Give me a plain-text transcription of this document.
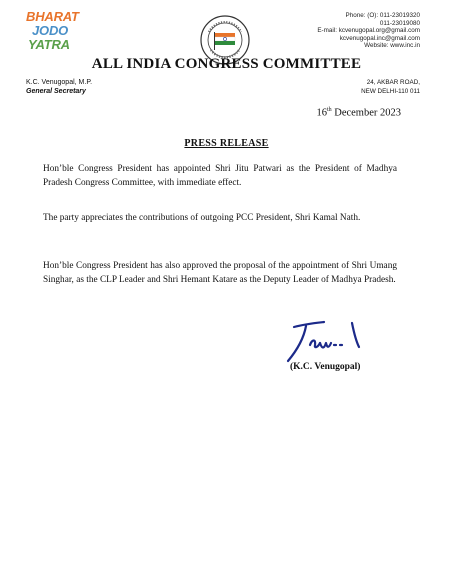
BHARAT
JODO
YATRA
Phone: (O): 011-23019320
011-23019080
E-mail: kcvenugopal.org@gmail.com
kcvenugopal.inc@gmail.com
Website: www.inc.in
ALL INDIA CONGRESS COMMITTEE
K.C. Venugopal, M.P.
General Secretary
24, AKBAR ROAD,
NEW DELHI-110 011
16th December 2023
PRESS RELEASE
Hon’ble Congress President has appointed Shri Jitu Patwari as the President of Madhya Pradesh Congress Committee, with immediate effect.
The party appreciates the contributions of outgoing PCC President, Shri Kamal Nath.
Hon’ble Congress President has also approved the proposal of the appointment of Shri Umang Singhar, as the CLP Leader and Shri Hemant Katare as the Deputy Leader of Madhya Pradesh.
(K.C. Venugopal)
